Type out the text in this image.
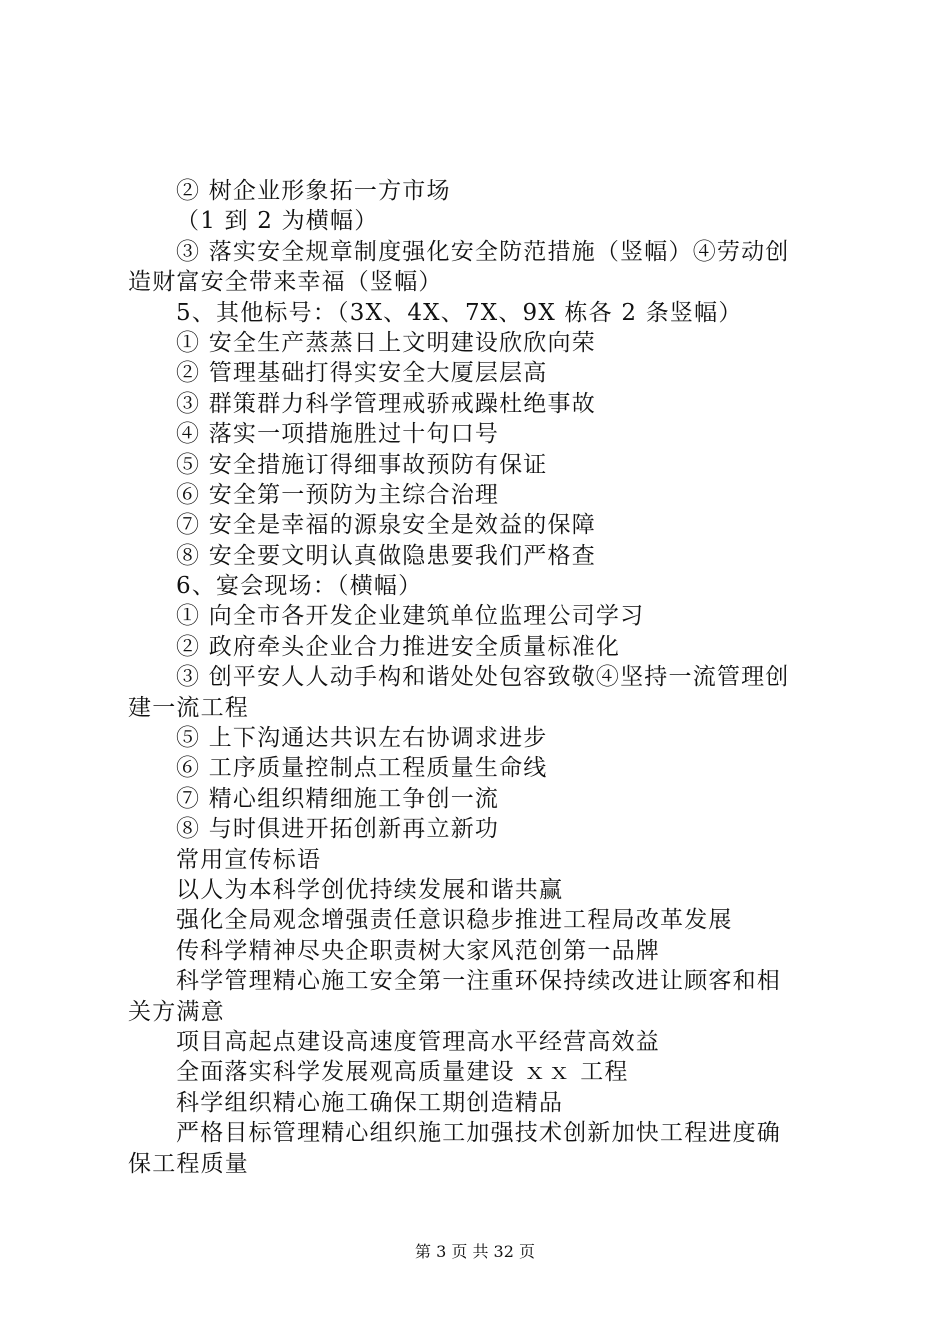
② 树企业形象拓一方市场
（1 到 2 为横幅）
③ 落实安全规章制度强化安全防范措施（竖幅）④劳动创
造财富安全带来幸福（竖幅）
5、其他标号：（3X、4X、7X、9X 栋各 2 条竖幅）
① 安全生产蒸蒸日上文明建设欣欣向荣
② 管理基础打得实安全大厦层层高
③ 群策群力科学管理戒骄戒躁杜绝事故
④ 落实一项措施胜过十句口号
⑤ 安全措施订得细事故预防有保证
⑥ 安全第一预防为主综合治理
⑦ 安全是幸福的源泉安全是效益的保障
⑧ 安全要文明认真做隐患要我们严格查
6、宴会现场：（横幅）
① 向全市各开发企业建筑单位监理公司学习
② 政府牵头企业合力推进安全质量标准化
③ 创平安人人动手构和谐处处包容致敬④坚持一流管理创
建一流工程
⑤ 上下沟通达共识左右协调求进步
⑥ 工序质量控制点工程质量生命线
⑦ 精心组织精细施工争创一流
⑧ 与时俱进开拓创新再立新功
常用宣传标语
以人为本科学创优持续发展和谐共赢
强化全局观念增强责任意识稳步推进工程局改革发展
传科学精神尽央企职责树大家风范创第一品牌
科学管理精心施工安全第一注重环保持续改进让顾客和相
关方满意
项目高起点建设高速度管理高水平经营高效益
全面落实科学发展观高质量建设 ｘｘ 工程
科学组织精心施工确保工期创造精品
严格目标管理精心组织施工加强技术创新加快工程进度确
保工程质量
第 3 页 共 32 页
